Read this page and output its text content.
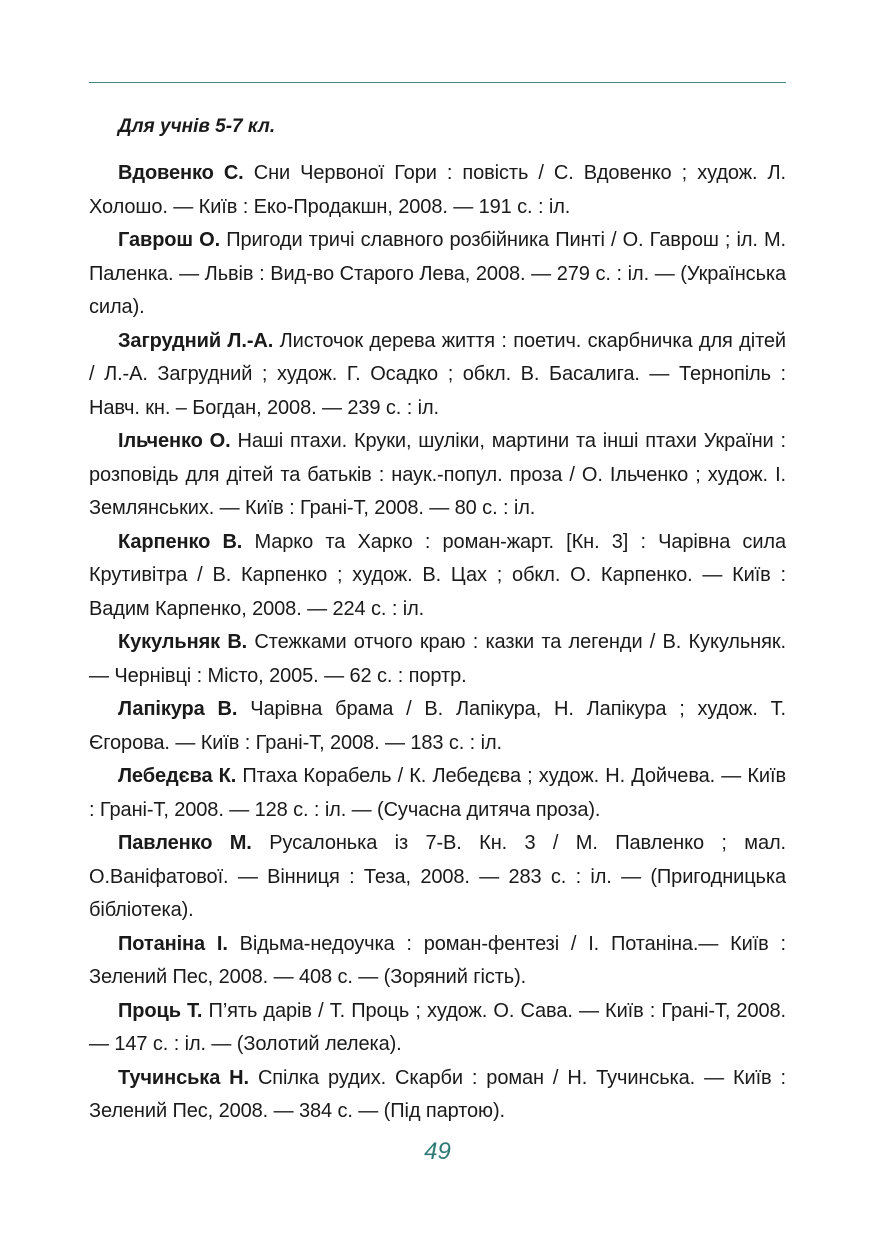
Для учнів 5-7 кл.

Вдовенко С. Сни Червоної Гори : повість / С. Вдовенко ; худож. Л. Холошо. — Київ : Еко-Продакшн, 2008. — 191 с. : іл.

Гаврош О. Пригоди тричі славного розбійника Пинті / О. Гаврош ; іл. М. Паленка. — Львів : Вид-во Старого Лева, 2008. — 279 с. : іл. — (Українська сила).

Загрудний Л.-А. Листочок дерева життя : поетич. скарбничка для дітей / Л.-А. Загрудний ; худож. Г. Осадко ; обкл. В. Басалига. — Тернопіль : Навч. кн. – Богдан, 2008. — 239 с. : іл.

Ільченко О. Наші птахи. Круки, шуліки, мартини та інші птахи України : розповідь для дітей та батьків : наук.-попул. проза / О. Ільченко ; худож. І. Землянських. — Київ : Грані-Т, 2008. — 80 с. : іл.

Карпенко В. Марко та Харко : роман-жарт. [Кн. 3] : Чарівна сила Крутивітра / В. Карпенко ; худож. В. Цах ; обкл. О. Карпенко. — Київ : Вадим Карпенко, 2008. — 224 с. : іл.

Кукульняк В. Стежками отчого краю : казки та легенди / В. Кукульняк. — Чернівці : Місто, 2005. — 62 с. : портр.

Лапікура В. Чарівна брама / В. Лапікура, Н. Лапікура ; худож. Т. Єгорова. — Київ : Грані-Т, 2008. — 183 с. : іл.

Лебедєва К. Птаха Корабель / К. Лебедєва ; худож. Н. Дойчева. — Київ : Грані-Т, 2008. — 128 с. : іл. — (Сучасна дитяча проза).

Павленко М. Русалонька із 7-В. Кн. 3 / М. Павленко ; мал. О.Ваніфатової. — Вінниця : Теза, 2008. — 283 с. : іл. — (Пригодницька бібліотека).

Потаніна І. Відьма-недоучка : роман-фентезі / І. Потаніна.— Київ : Зелений Пес, 2008. — 408 с. — (Зоряний гість).

Проць Т. П’ять дарів / Т. Проць ; худож. О. Сава. — Київ : Грані-Т, 2008. — 147 с. : іл. — (Золотий лелека).

Тучинська Н. Спілка рудих. Скарби : роман / Н. Тучинська. — Київ : Зелений Пес, 2008. — 384 с. — (Під партою).

49
